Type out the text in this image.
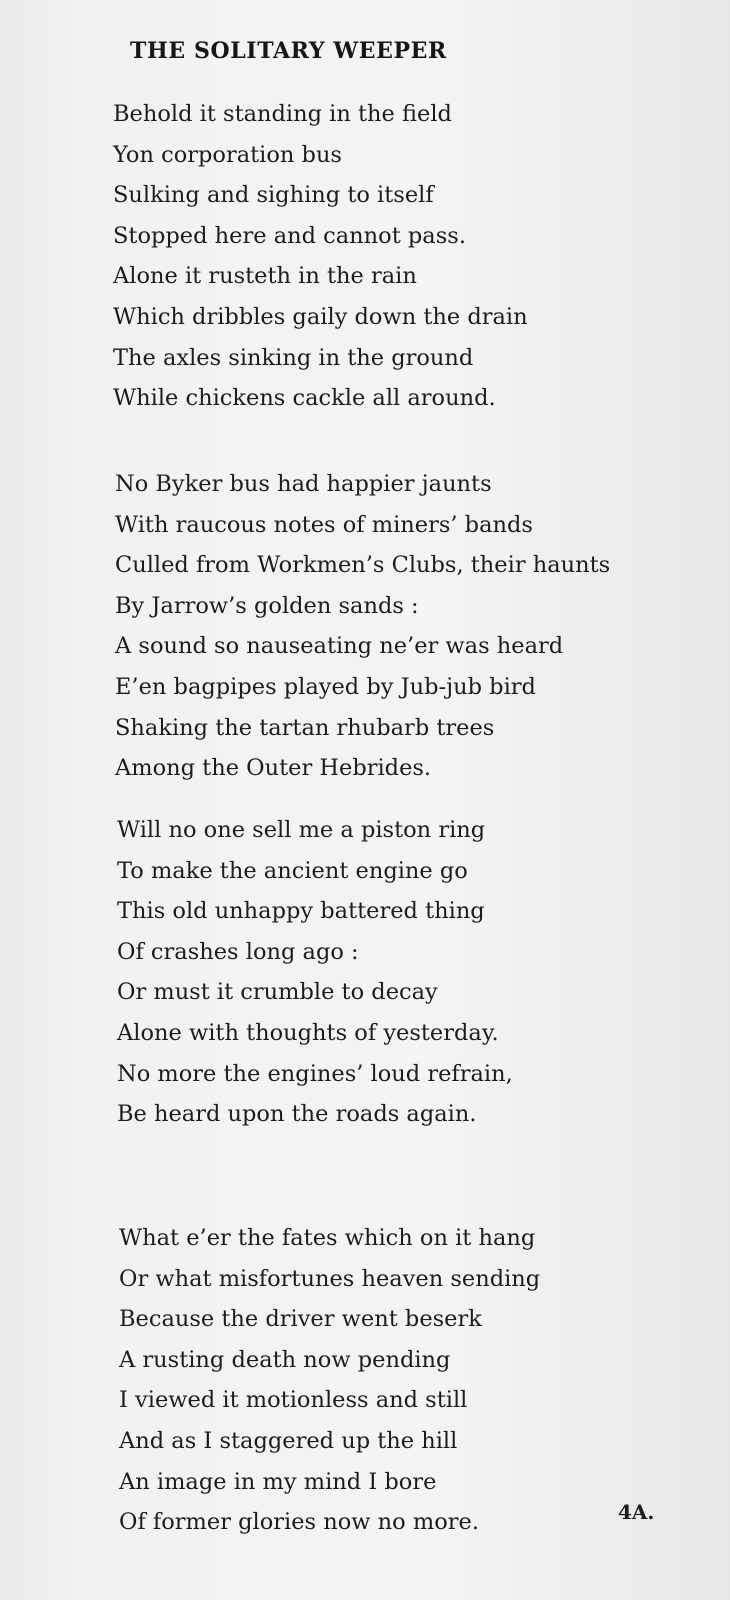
THE SOLITARY WEEPER
Behold it standing in the field
Yon corporation bus
Sulking and sighing to itself
Stopped here and cannot pass.
Alone it rusteth in the rain
Which dribbles gaily down the drain
The axles sinking in the ground
While chickens cackle all around.
No Byker bus had happier jaunts
With raucous notes of miners’ bands
Culled from Workmen’s Clubs, their haunts
By Jarrow’s golden sands :
A sound so nauseating ne’er was heard
E’en bagpipes played by Jub-jub bird
Shaking the tartan rhubarb trees
Among the Outer Hebrides.
Will no one sell me a piston ring
To make the ancient engine go
This old unhappy battered thing
Of crashes long ago :
Or must it crumble to decay
Alone with thoughts of yesterday.
No more the engines’ loud refrain,
Be heard upon the roads again.
What e’er the fates which on it hang
Or what misfortunes heaven sending
Because the driver went beserk
A rusting death now pending
I viewed it motionless and still
And as I staggered up the hill
An image in my mind I bore
Of former glories now no more.	4A.
